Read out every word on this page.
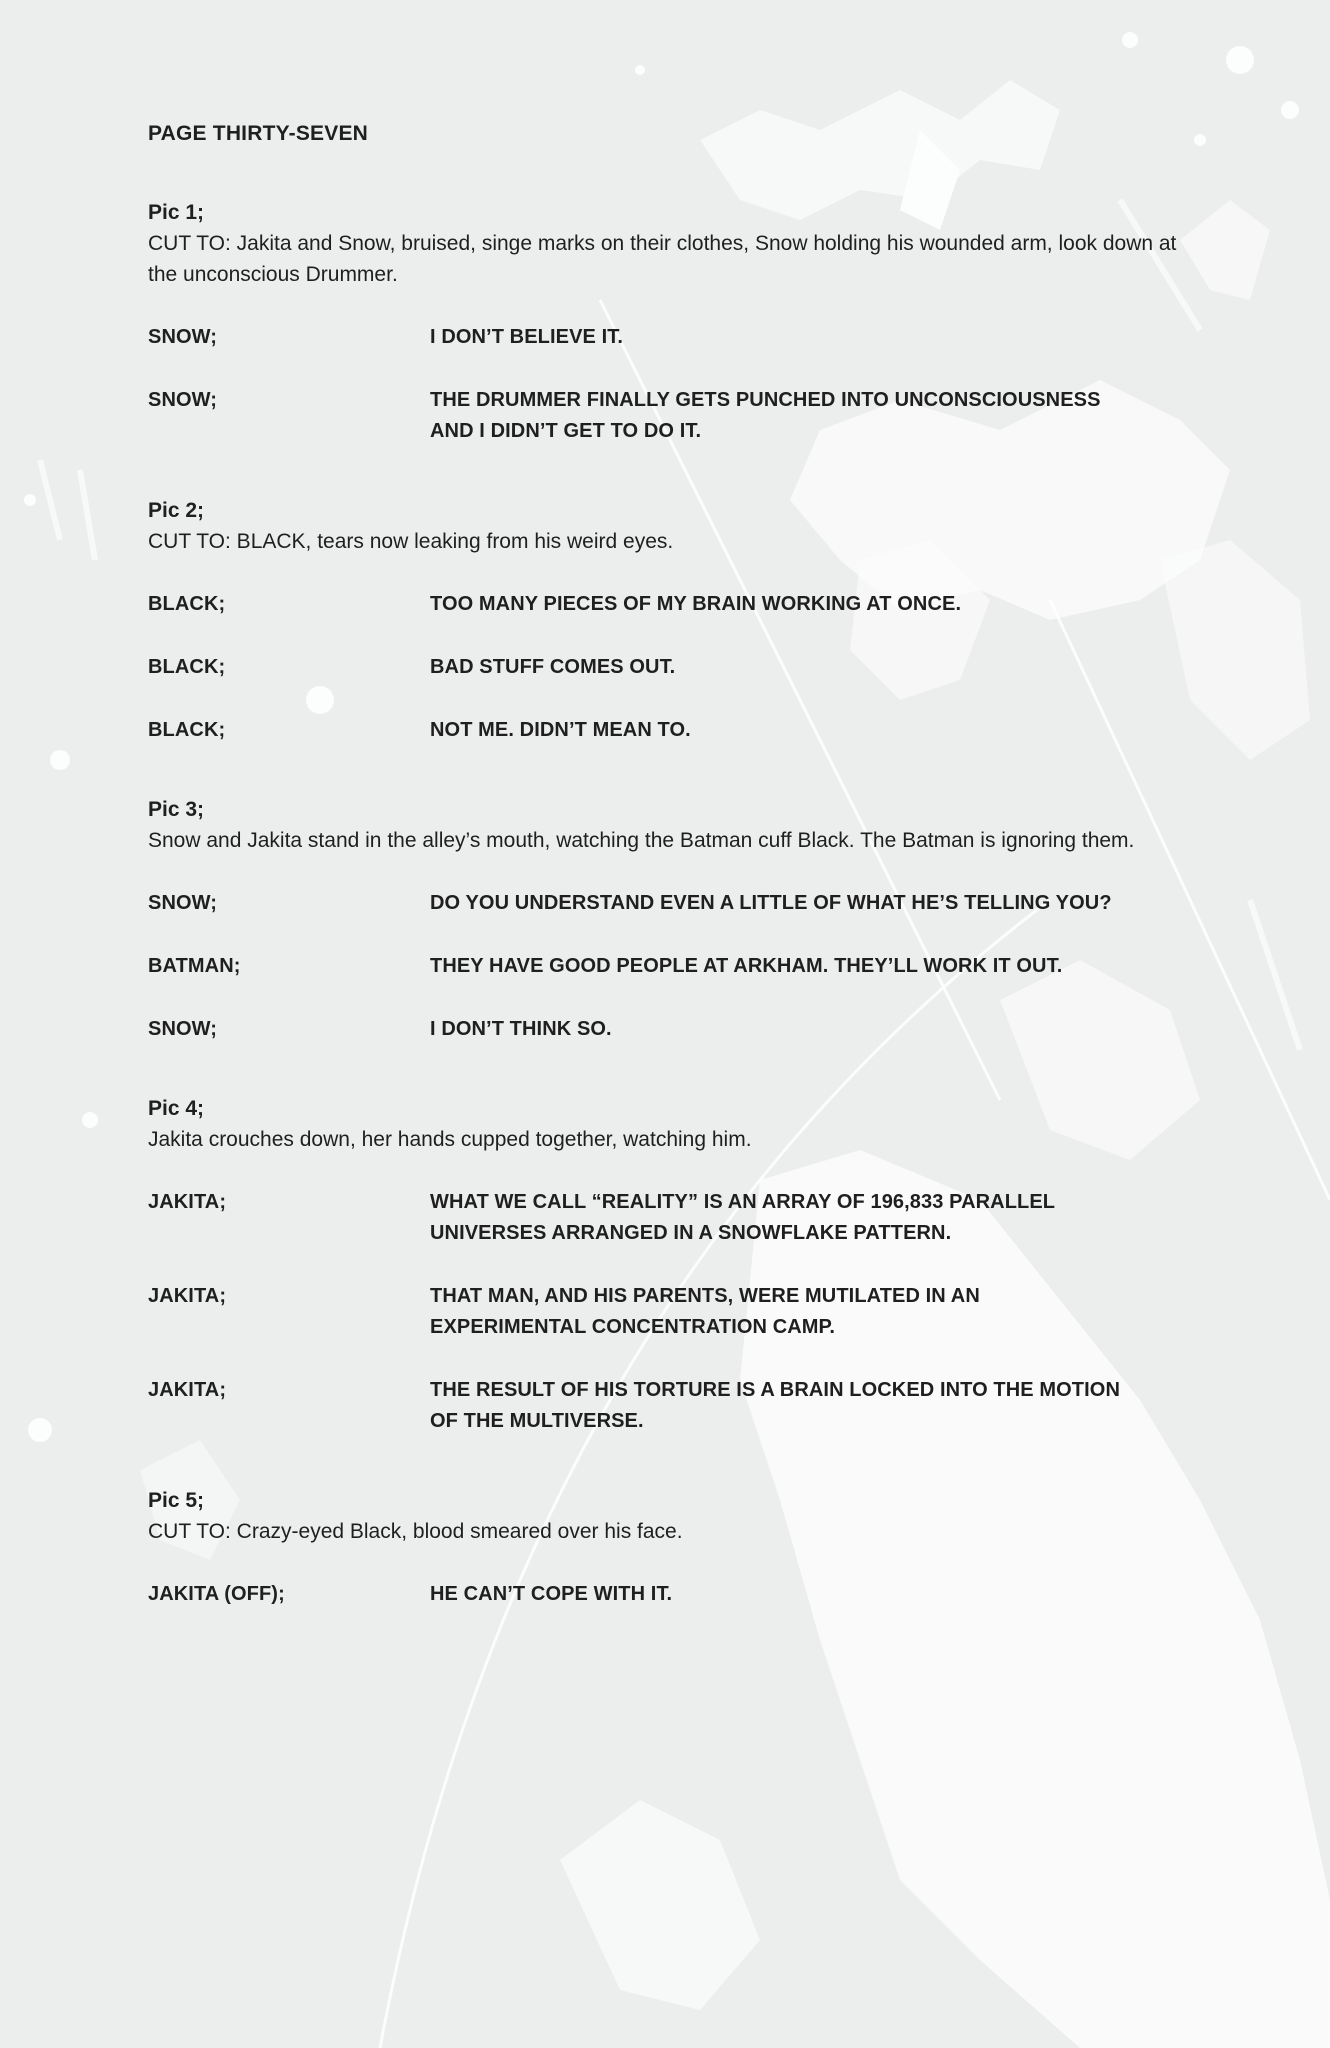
PAGE THIRTY-SEVEN
Pic 1;
CUT TO: Jakita and Snow, bruised, singe marks on their clothes, Snow holding his wounded arm, look down at the unconscious Drummer.
SNOW;	I DON’T BELIEVE IT.
SNOW;	THE DRUMMER FINALLY GETS PUNCHED INTO UNCONSCIOUSNESS AND I DIDN’T GET TO DO IT.
Pic 2;
CUT TO: BLACK, tears now leaking from his weird eyes.
BLACK;	TOO MANY PIECES OF MY BRAIN WORKING AT ONCE.
BLACK;	BAD STUFF COMES OUT.
BLACK;	NOT ME. DIDN’T MEAN TO.
Pic 3;
Snow and Jakita stand in the alley’s mouth, watching the Batman cuff Black. The Batman is ignoring them.
SNOW;	DO YOU UNDERSTAND EVEN A LITTLE OF WHAT HE’S TELLING YOU?
BATMAN;	THEY HAVE GOOD PEOPLE AT ARKHAM. THEY’LL WORK IT OUT.
SNOW;	I DON’T THINK SO.
Pic 4;
Jakita crouches down, her hands cupped together, watching him.
JAKITA;	WHAT WE CALL “REALITY” IS AN ARRAY OF 196,833 PARALLEL UNIVERSES ARRANGED IN A SNOWFLAKE PATTERN.
JAKITA;	THAT MAN, AND HIS PARENTS, WERE MUTILATED IN AN EXPERIMENTAL CONCENTRATION CAMP.
JAKITA;	THE RESULT OF HIS TORTURE IS A BRAIN LOCKED INTO THE MOTION OF THE MULTIVERSE.
Pic 5;
CUT TO: Crazy-eyed Black, blood smeared over his face.
JAKITA (OFF);	HE CAN’T COPE WITH IT.
